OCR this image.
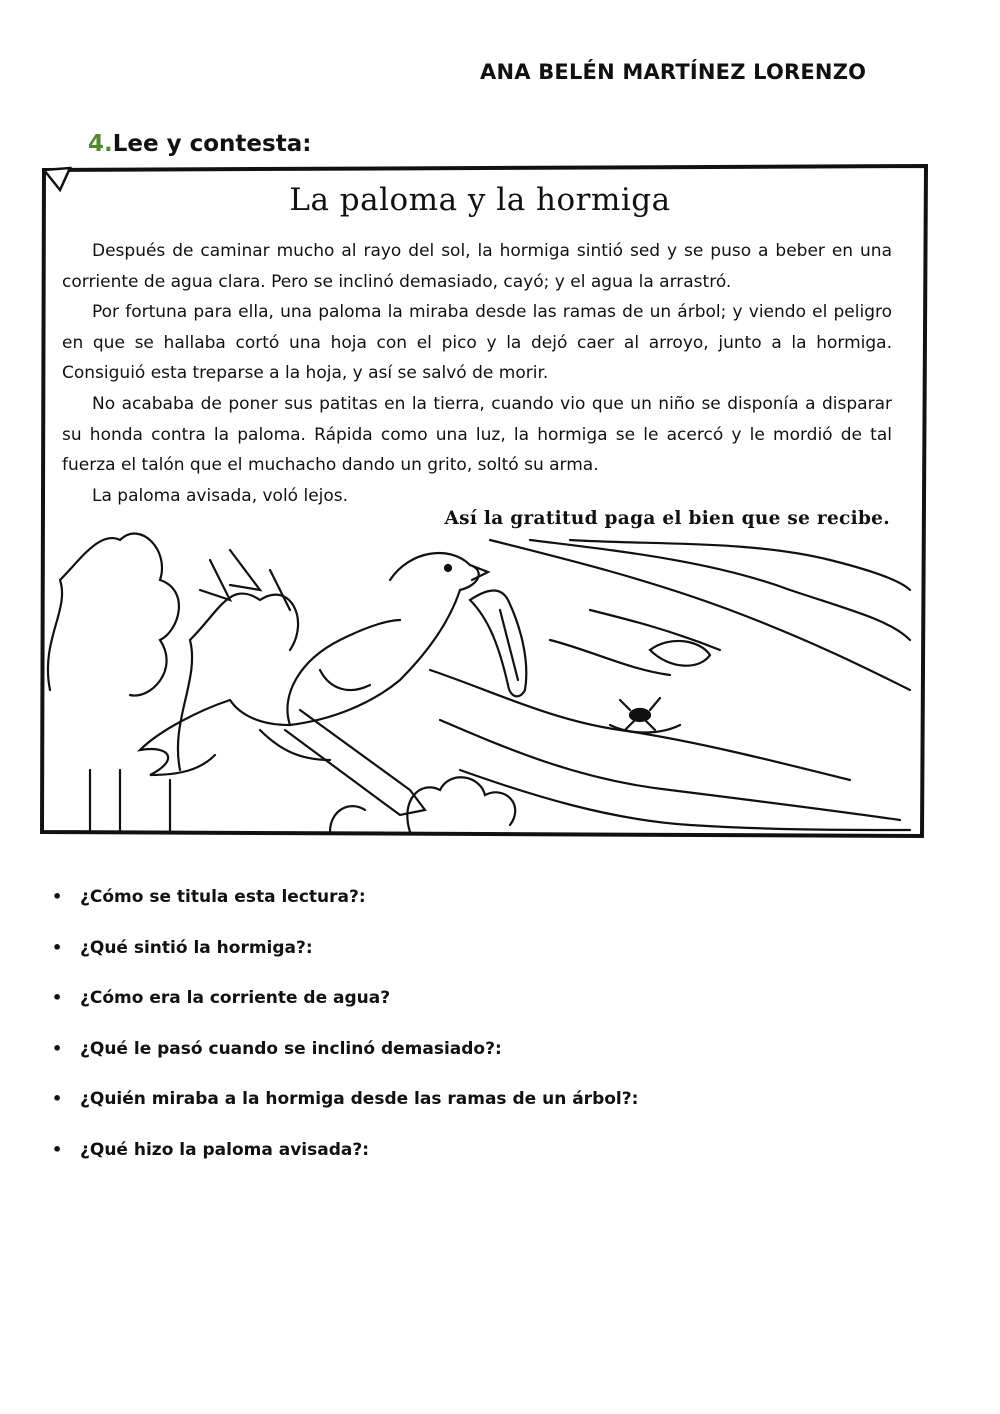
ANA BELÉN MARTÍNEZ LORENZO
4.Lee y contesta:
La paloma y la hormiga

Después de caminar mucho al rayo del sol, la hormiga sintió sed y se puso a beber en una corriente de agua clara. Pero se inclinó demasiado, cayó; y el agua la arrastró.

Por fortuna para ella, una paloma la miraba desde las ramas de un árbol; y viendo el peligro en que se hallaba cortó una hoja con el pico y la dejó caer al arroyo, junto a la hormiga. Consiguió esta treparse a la hoja, y así se salvó de morir.

No acababa de poner sus patitas en la tierra, cuando vio que un niño se disponía a disparar su honda contra la paloma. Rápida como una luz, la hormiga se le acercó y le mordió de tal fuerza el talón que el muchacho dando un grito, soltó su arma.

La paloma avisada, voló lejos.

Así la gratitud paga el bien que se recibe.
• ¿Cómo se titula esta lectura?:
• ¿Qué sintió la hormiga?:
• ¿Cómo era la corriente de agua?
• ¿Qué le pasó cuando se inclinó demasiado?:
• ¿Quién miraba a la hormiga desde las ramas de un árbol?:
• ¿Qué hizo la paloma avisada?:
